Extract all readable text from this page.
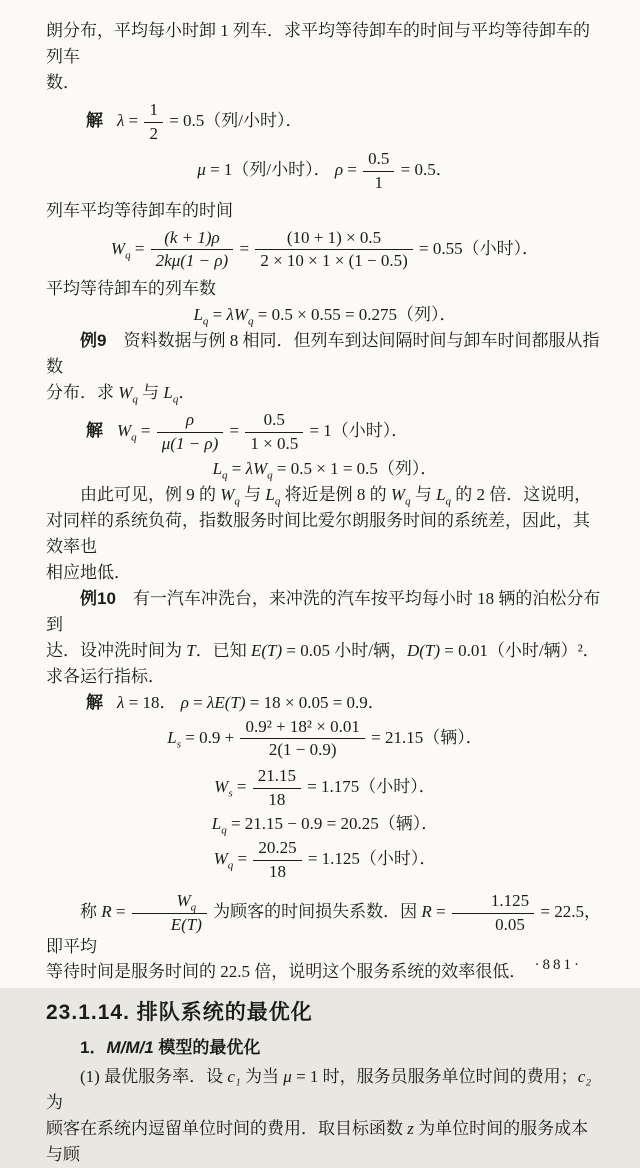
朗分布，平均每小时卸 1 列车．求平均等待卸车的时间与平均等待卸车的列车

数．

解 $\lambda = \frac{1}{2} = 0.5$（列/小时）．
μ = 1（列/小时）． $\rho = \frac{0.5}{1} = 0.5$．

列车平均等待卸车的时间

$W_q = \frac{(k + 1)\rho}{2k\mu(1 - \rho)} = \frac{(10 + 1) \times 0.5}{2 \times 10 \times 1 \times (1 - 0.5)} = 0.55$（小时）．

平均等待卸车的列车数

$L_q = \lambda W_q = 0.5 \times 0.55 = 0.275$（列）．

例9　资料数据与例 8 相同．但列车到达间隔时间与卸车时间都服从指数

分布．求 $W_q$ 与 $L_q$．

解 $W_q = \frac{\rho}{\mu(1 - \rho)} = \frac{0.5}{1 \times 0.5} = 1$（小时）．
$L_q = \lambda W_q = 0.5 \times 1 = 0.5$（列）．

由此可见，例 9 的 $W_q$ 与 $L_q$ 将近是例 8 的 $W_q$ 与 $L_q$ 的 2 倍．这说明，

对同样的系统负荷，指数服务时间比爱尔朗服务时间的系统差，因此，其效率也

相应地低．

例10　有一汽车冲洗台，来冲洗的汽车按平均每小时 18 辆的泊松分布到

达．设冲洗时间为 T．已知 E(T) = 0.05 小时/辆，D(T) = 0.01（小时/辆）²．

求各运行指标．

解 λ = 18． ρ = λE(T) = 18 × 0.05 = 0.9．
$L_s = 0.9 + \frac{\text{0.9² + 18² × 0.01}}{2(1 - 0.9)} = 21.15$（辆）．
$W_s = \frac{21.15}{18} = 1.175$（小时）．
$L_q = 21.15 - 0.9 = 20.25$（辆）．
$W_q = \frac{20.25}{18} = 1.125$（小时）．

称 $R = \frac{W_q}{E(T)}$ 为顾客的时间损失系数．因 $R = \frac{1.125}{0.05} = 22.5$，即平均

等待时间是服务时间的 22.5 倍，说明这个服务系统的效率很低．

23.1.14. 排队系统的最优化
1．M/M/1 模型的最优化

(1) 最优服务率．设 c₁ 为当 μ = 1 时，服务员服务单位时间的费用；c₂ 为

顾客在系统内逗留单位时间的费用．取目标函数 z 为单位时间的服务成本与顾

·881·
